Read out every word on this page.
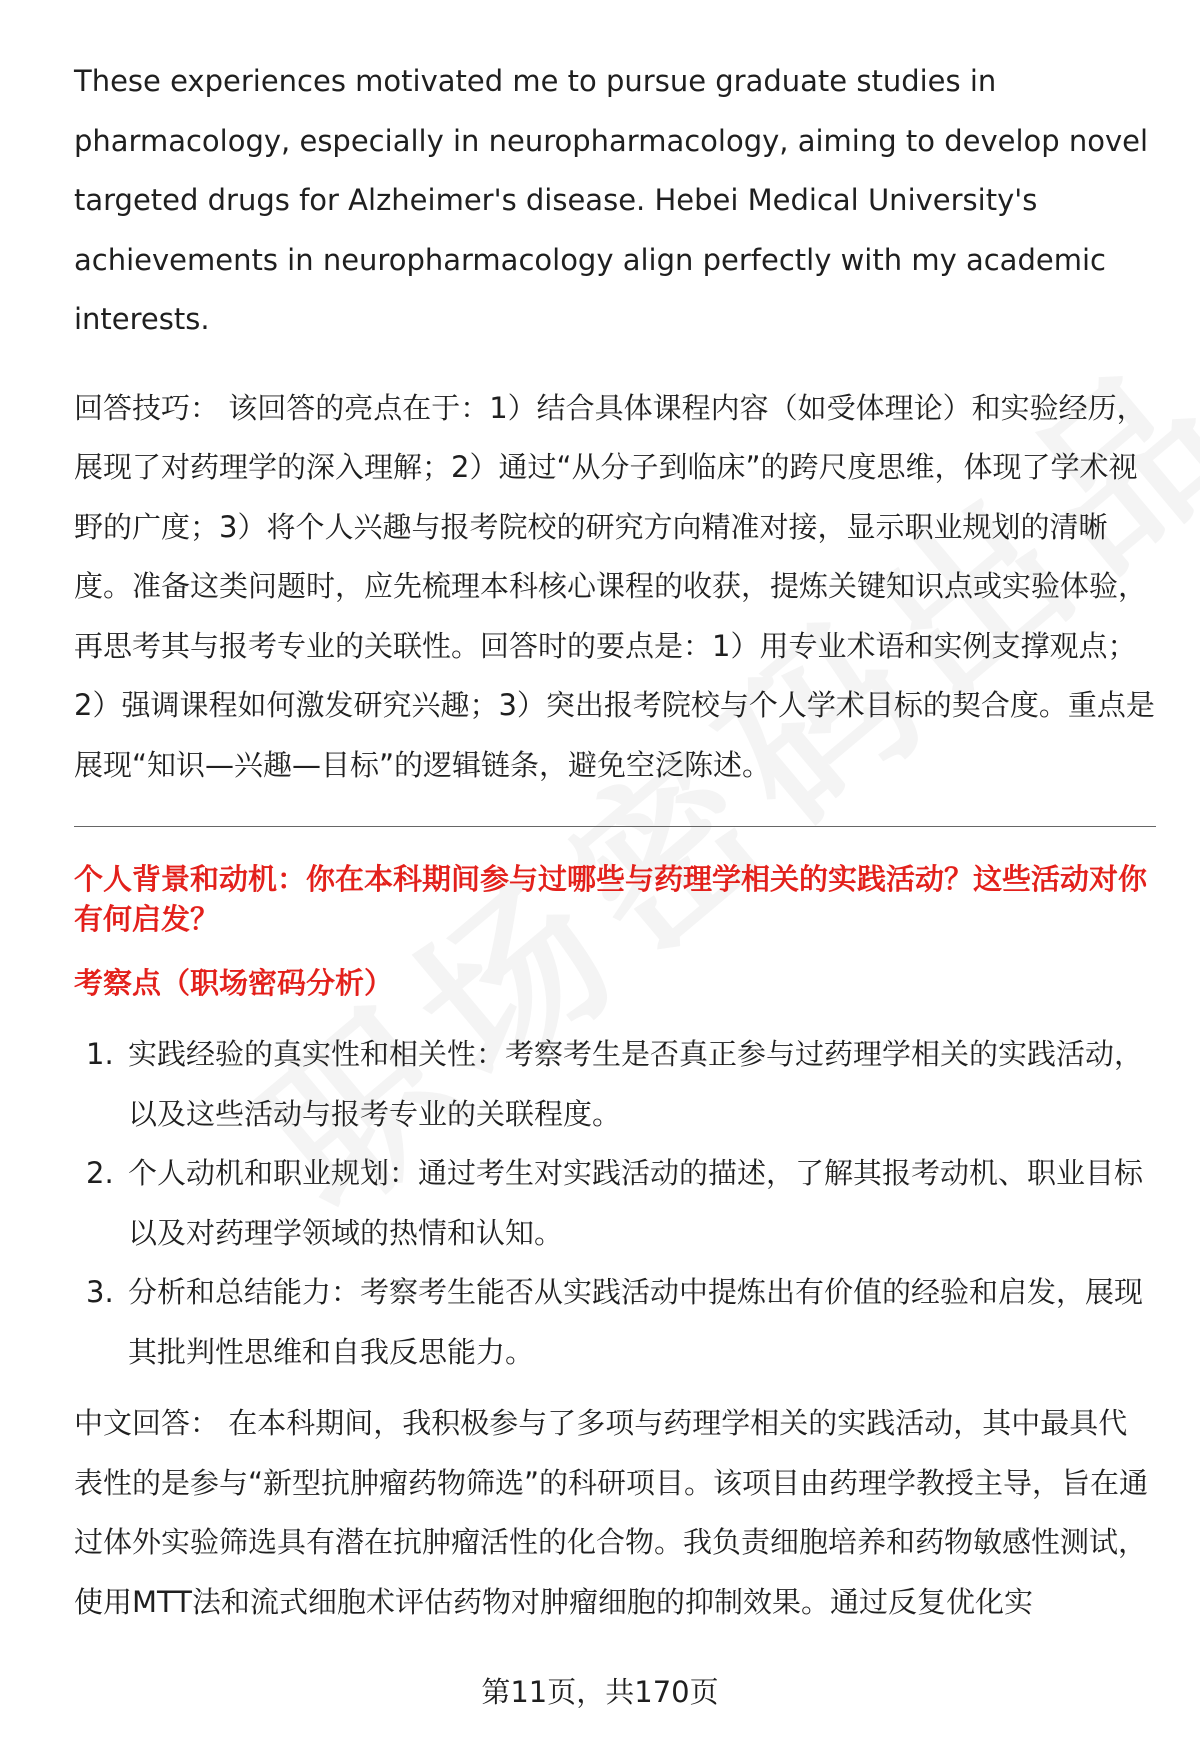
These experiences motivated me to pursue graduate studies in pharmacology, especially in neuropharmacology, aiming to develop novel targeted drugs for Alzheimer's disease. Hebei Medical University's achievements in neuropharmacology align perfectly with my academic interests.

回答技巧： 该回答的亮点在于：1）结合具体课程内容（如受体理论）和实验经历，展现了对药理学的深入理解；2）通过“从分子到临床”的跨尺度思维，体现了学术视野的广度；3）将个人兴趣与报考院校的研究方向精准对接，显示职业规划的清晰度。准备这类问题时，应先梳理本科核心课程的收获，提炼关键知识点或实验体验，再思考其与报考专业的关联性。回答时的要点是：1）用专业术语和实例支撑观点；2）强调课程如何激发研究兴趣；3）突出报考院校与个人学术目标的契合度。重点是展现“知识—兴趣—目标”的逻辑链条，避免空泛陈述。

个人背景和动机：你在本科期间参与过哪些与药理学相关的实践活动？这些活动对你有何启发？

考察点（职场密码分析）

1. 实践经验的真实性和相关性：考察考生是否真正参与过药理学相关的实践活动，以及这些活动与报考专业的关联程度。
2. 个人动机和职业规划：通过考生对实践活动的描述，了解其报考动机、职业目标以及对药理学领域的热情和认知。
3. 分析和总结能力：考察考生能否从实践活动中提炼出有价值的经验和启发，展现其批判性思维和自我反思能力。

中文回答： 在本科期间，我积极参与了多项与药理学相关的实践活动，其中最具代表性的是参与“新型抗肿瘤药物筛选”的科研项目。该项目由药理学教授主导，旨在通过体外实验筛选具有潜在抗肿瘤活性的化合物。我负责细胞培养和药物敏感性测试，使用MTT法和流式细胞术评估药物对肿瘤细胞的抑制效果。通过反复优化实

第11页，共170页
